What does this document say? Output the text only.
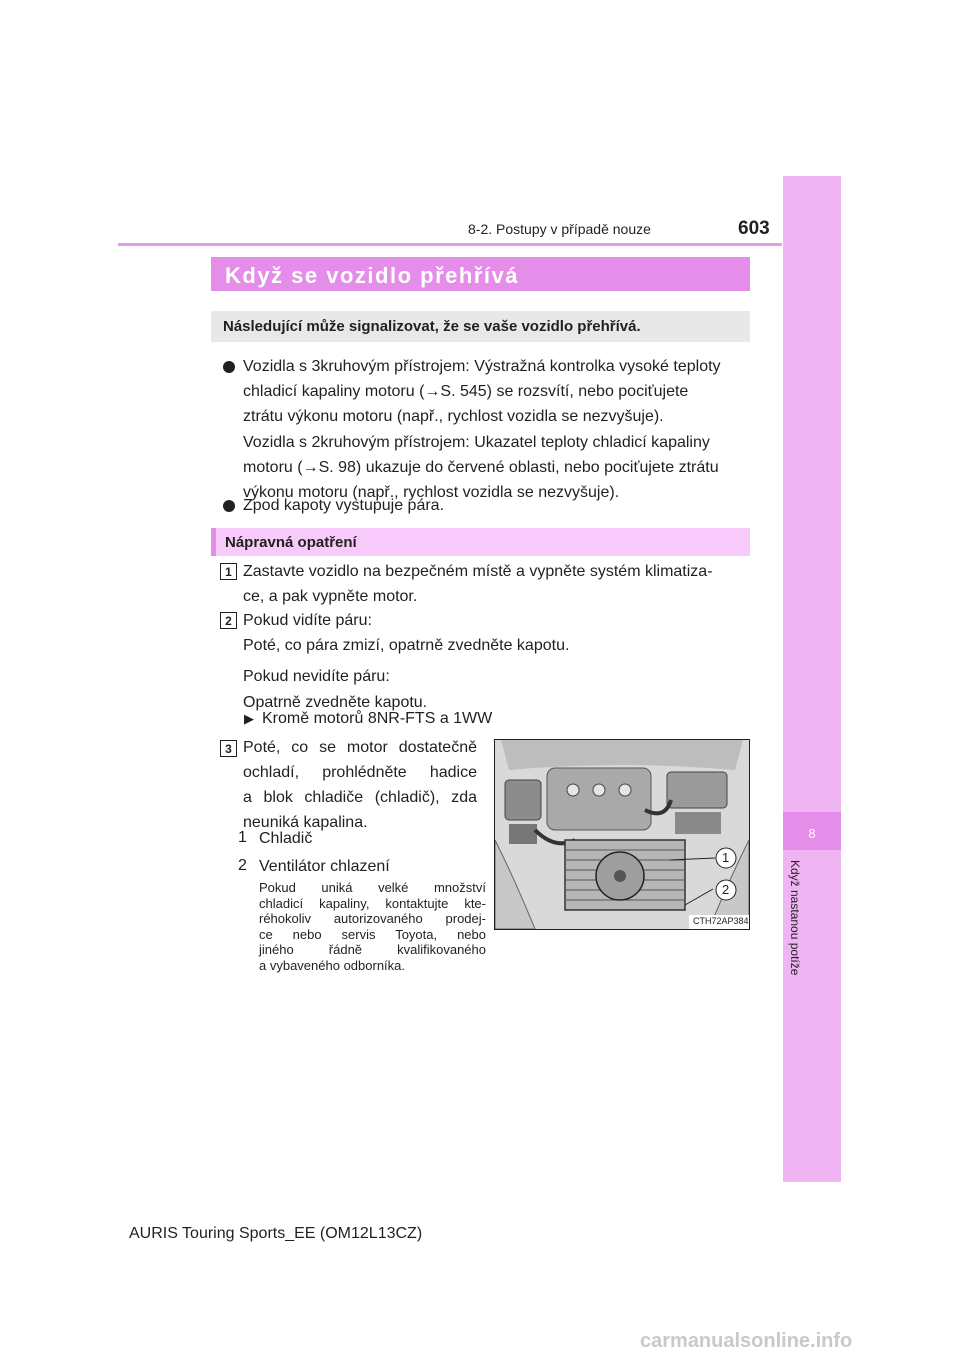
8-2. Postupy v případě nouze	603
8
Když nastanou potíže
Když se vozidlo přehřívá
Následující může signalizovat, že se vaše vozidlo přehřívá.
Vozidla s 3kruhovým přístrojem: Výstražná kontrolka vysoké teploty
chladicí kapaliny motoru (→S. 545) se rozsvítí, nebo pociťujete
ztrátu výkonu motoru (např., rychlost vozidla se nezvyšuje).
Vozidla s 2kruhovým přístrojem: Ukazatel teploty chladicí kapaliny
motoru (→S. 98) ukazuje do červené oblasti, nebo pociťujete ztrátu
výkonu motoru (např., rychlost vozidla se nezvyšuje).
Zpod kapoty vystupuje pára.
Nápravná opatření
1 Zastavte vozidlo na bezpečném místě a vypněte systém klimatiza-
ce, a pak vypněte motor.
2 Pokud vidíte páru:
Poté, co pára zmizí, opatrně zvedněte kapotu.
Pokud nevidíte páru:
Opatrně zvedněte kapotu.
▶ Kromě motorů 8NR-FTS a 1WW
3 Poté, co se motor dostatečně
ochladí, prohlédněte hadice
a blok chladiče (chladič), zda
neuniká kapalina.
1 Chladič
2 Ventilátor chlazení
Pokud uniká velké množství
chladicí kapaliny, kontaktujte kte-
réhokoliv autorizovaného prodej-
ce nebo servis Toyota, nebo
jiného řádně kvalifikovaného
a vybaveného odborníka.
1
2
CTH72AP384
AURIS Touring Sports_EE (OM12L13CZ)
carmanualsonline.info
